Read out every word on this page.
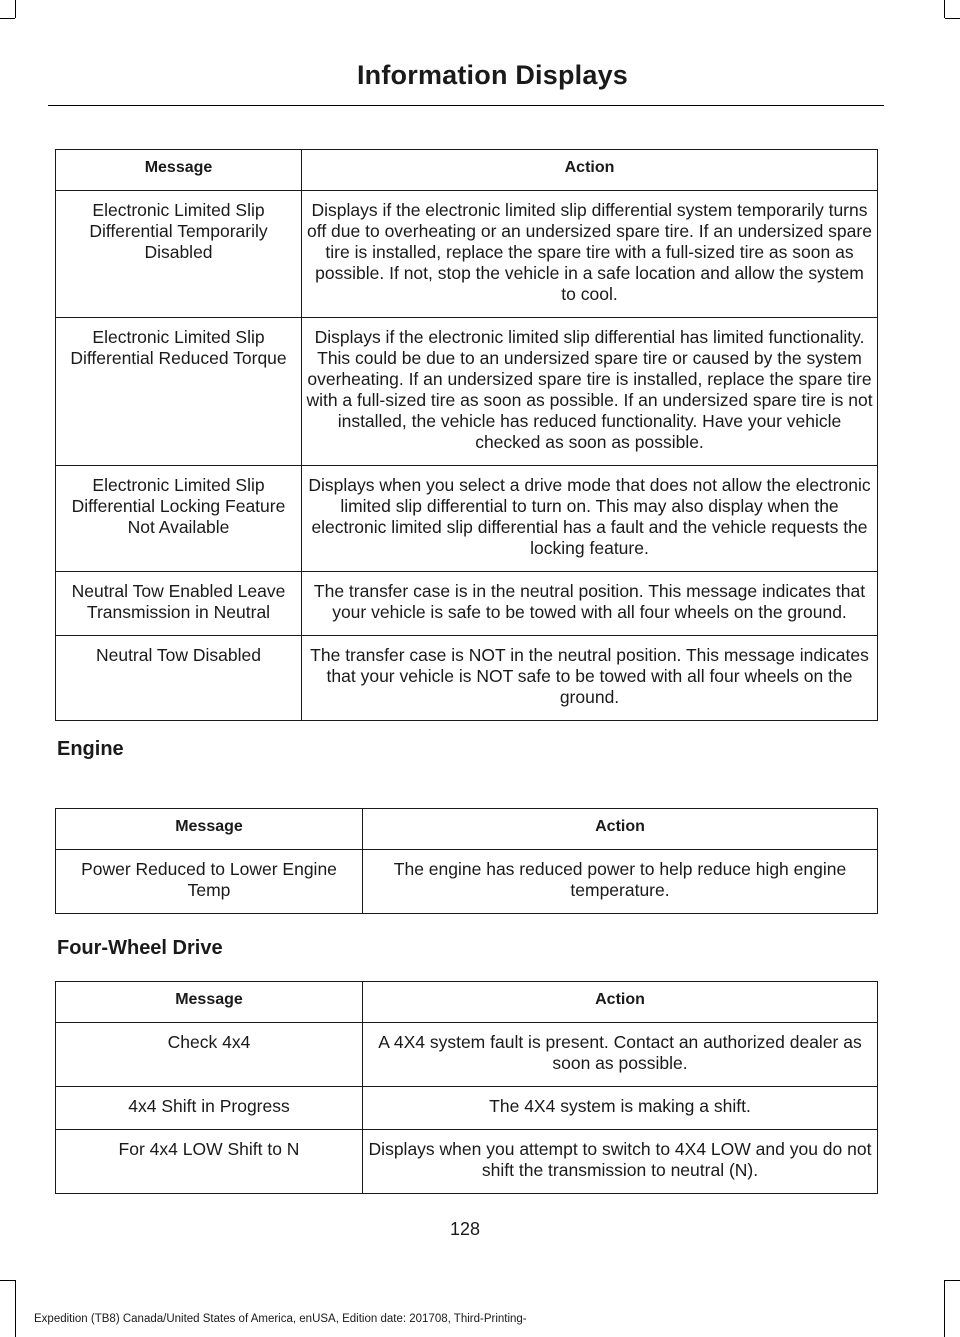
Information Displays
Message	Action
Electronic Limited Slip Differential Temporarily Disabled	Displays if the electronic limited slip differential system temporarily turns off due to overheating or an undersized spare tire. If an undersized spare tire is installed, replace the spare tire with a full-sized tire as soon as possible. If not, stop the vehicle in a safe location and allow the system to cool.
Electronic Limited Slip Differential Reduced Torque	Displays if the electronic limited slip differential has limited functionality. This could be due to an undersized spare tire or caused by the system overheating. If an undersized spare tire is installed, replace the spare tire with a full-sized tire as soon as possible. If an undersized spare tire is not installed, the vehicle has reduced functionality. Have your vehicle checked as soon as possible.
Electronic Limited Slip Differential Locking Feature Not Available	Displays when you select a drive mode that does not allow the electronic limited slip differential to turn on. This may also display when the electronic limited slip differential has a fault and the vehicle requests the locking feature.
Neutral Tow Enabled Leave Transmission in Neutral	The transfer case is in the neutral position. This message indicates that your vehicle is safe to be towed with all four wheels on the ground.
Neutral Tow Disabled	The transfer case is NOT in the neutral position. This message indicates that your vehicle is NOT safe to be towed with all four wheels on the ground.
Engine
Message	Action
Power Reduced to Lower Engine Temp	The engine has reduced power to help reduce high engine temperature.
Four-Wheel Drive
Message	Action
Check 4x4	A 4X4 system fault is present. Contact an authorized dealer as soon as possible.
4x4 Shift in Progress	The 4X4 system is making a shift.
For 4x4 LOW Shift to N	Displays when you attempt to switch to 4X4 LOW and you do not shift the transmission to neutral (N).
128
Expedition (TB8) Canada/United States of America, enUSA, Edition date: 201708, Third-Printing-
